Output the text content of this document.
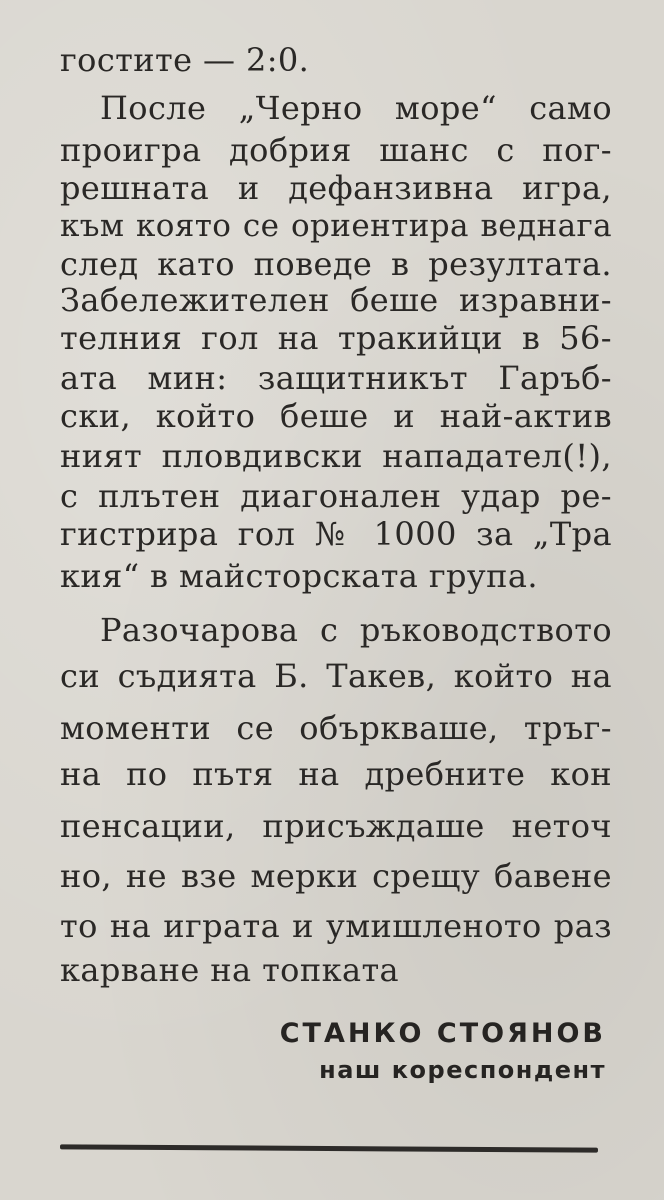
гостите — 2:0.
После „Черно море“ само
проигра добрия шанс с пог-
решната и дефанзивна игра,
към която се ориентира веднага
след като поведе в резултата.
Забележителен беше изравни-
телния гол на тракийци в 56-
ата мин: защитникът Гаръб-
ски, който беше и най-актив
ният пловдивски нападател(!),
с плътен диагонален удар ре-
гистрира гол № 1000 за „Тра
кия“ в майсторската група.
Разочарова с ръководството
си съдията Б. Такев, който на
моменти се объркваше, тръг-
на по пътя на дребните кон
пенсации, присъждаше неточ
но, не взе мерки срещу бавене
то на играта и умишленото раз
карване на топката
СТАНКО СТОЯНОВ
наш кореспондент
